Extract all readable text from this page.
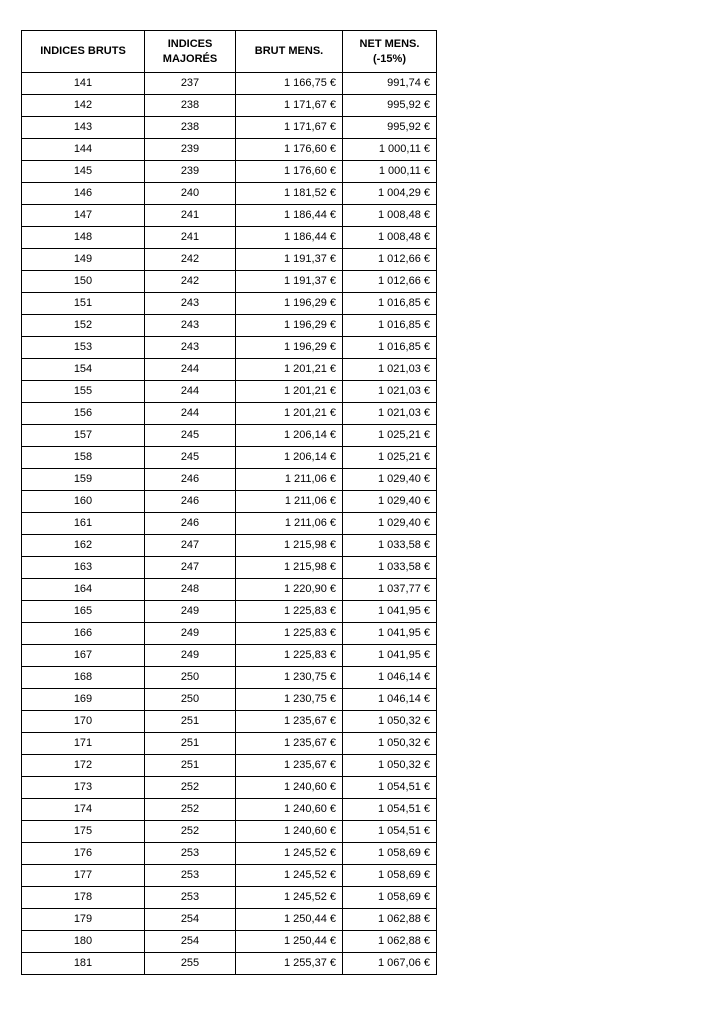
INDICES BRUTS	INDICES MAJORÉS	BRUT MENS.	NET MENS. (-15%)
141	237	1 166,75 €	991,74 €
142	238	1 171,67 €	995,92 €
143	238	1 171,67 €	995,92 €
144	239	1 176,60 €	1 000,11 €
145	239	1 176,60 €	1 000,11 €
146	240	1 181,52 €	1 004,29 €
147	241	1 186,44 €	1 008,48 €
148	241	1 186,44 €	1 008,48 €
149	242	1 191,37 €	1 012,66 €
150	242	1 191,37 €	1 012,66 €
151	243	1 196,29 €	1 016,85 €
152	243	1 196,29 €	1 016,85 €
153	243	1 196,29 €	1 016,85 €
154	244	1 201,21 €	1 021,03 €
155	244	1 201,21 €	1 021,03 €
156	244	1 201,21 €	1 021,03 €
157	245	1 206,14 €	1 025,21 €
158	245	1 206,14 €	1 025,21 €
159	246	1 211,06 €	1 029,40 €
160	246	1 211,06 €	1 029,40 €
161	246	1 211,06 €	1 029,40 €
162	247	1 215,98 €	1 033,58 €
163	247	1 215,98 €	1 033,58 €
164	248	1 220,90 €	1 037,77 €
165	249	1 225,83 €	1 041,95 €
166	249	1 225,83 €	1 041,95 €
167	249	1 225,83 €	1 041,95 €
168	250	1 230,75 €	1 046,14 €
169	250	1 230,75 €	1 046,14 €
170	251	1 235,67 €	1 050,32 €
171	251	1 235,67 €	1 050,32 €
172	251	1 235,67 €	1 050,32 €
173	252	1 240,60 €	1 054,51 €
174	252	1 240,60 €	1 054,51 €
175	252	1 240,60 €	1 054,51 €
176	253	1 245,52 €	1 058,69 €
177	253	1 245,52 €	1 058,69 €
178	253	1 245,52 €	1 058,69 €
179	254	1 250,44 €	1 062,88 €
180	254	1 250,44 €	1 062,88 €
181	255	1 255,37 €	1 067,06 €
